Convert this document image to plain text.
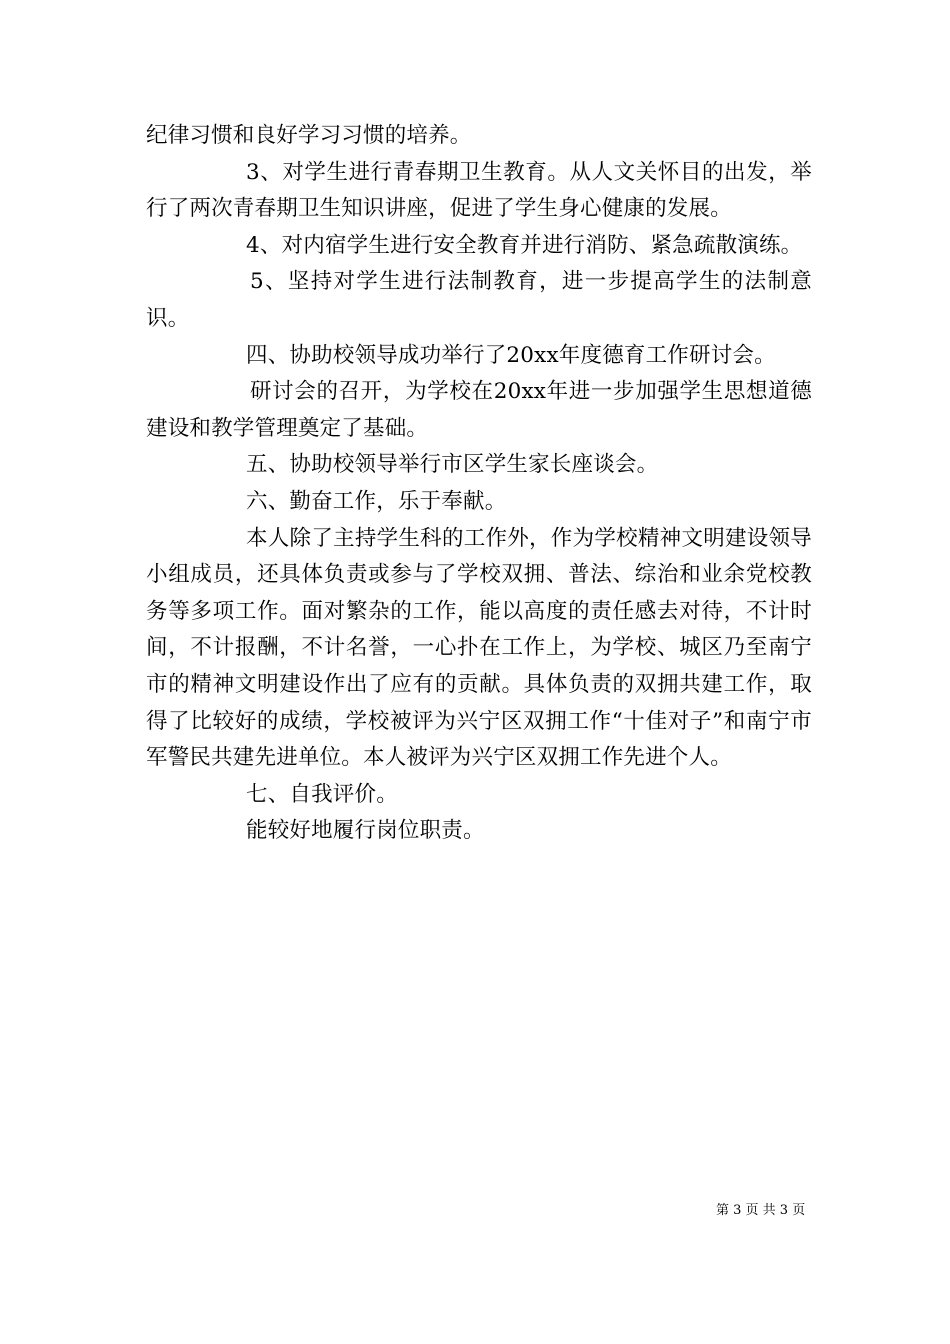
纪律习惯和良好学习习惯的培养。

3、对学生进行青春期卫生教育。从人文关怀目的出发，举行了两次青春期卫生知识讲座，促进了学生身心健康的发展。

4、对内宿学生进行安全教育并进行消防、紧急疏散演练。

5、坚持对学生进行法制教育，进一步提高学生的法制意识。

四、协助校领导成功举行了20xx年度德育工作研讨会。

研讨会的召开，为学校在20xx年进一步加强学生思想道德建设和教学管理奠定了基础。

五、协助校领导举行市区学生家长座谈会。

六、勤奋工作，乐于奉献。

本人除了主持学生科的工作外，作为学校精神文明建设领导小组成员，还具体负责或参与了学校双拥、普法、综治和业余党校教务等多项工作。面对繁杂的工作，能以高度的责任感去对待，不计时间，不计报酬，不计名誉，一心扑在工作上，为学校、城区乃至南宁市的精神文明建设作出了应有的贡献。具体负责的双拥共建工作，取得了比较好的成绩，学校被评为兴宁区双拥工作“十佳对子”和南宁市军警民共建先进单位。本人被评为兴宁区双拥工作先进个人。

七、自我评价。

能较好地履行岗位职责。

第 3 页 共 3 页
